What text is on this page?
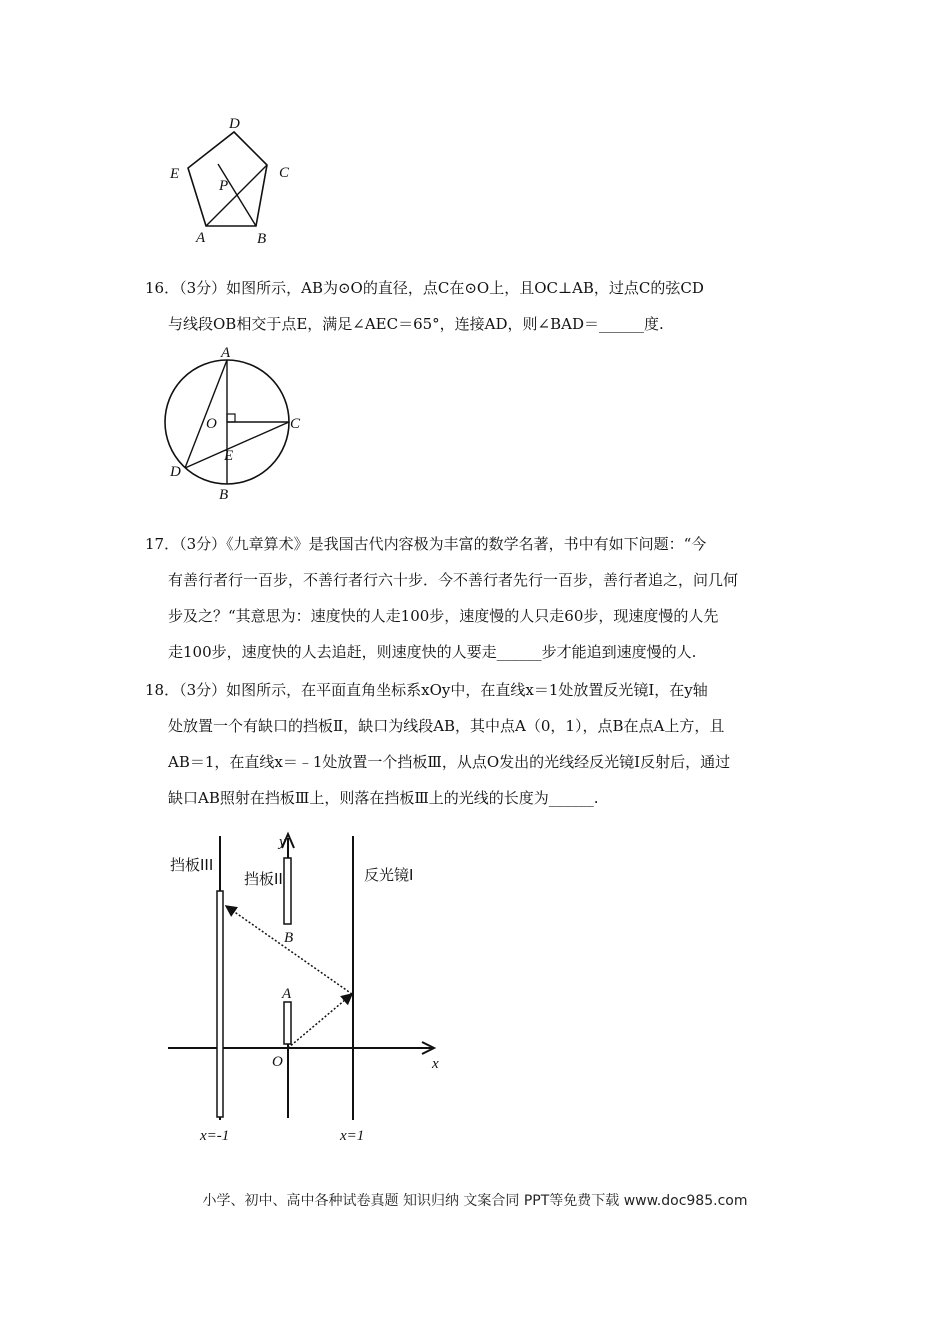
D
C
E
P
A	B
16．（3分）如图所示，AB为⊙O的直径，点C在⊙O上，且OC⊥AB，过点C的弦CD
与线段OB相交于点E，满足∠AEC＝65°，连接AD，则∠BAD＝______度.
A
O	C
E
D
B
17．（3分）《九章算术》是我国古代内容极为丰富的数学名著，书中有如下问题：“今
有善行者行一百步，不善行者行六十步．今不善行者先行一百步，善行者追之，问几何
步及之？“其意思为：速度快的人走100步，速度慢的人只走60步，现速度慢的人先
走100步，速度快的人去追赶，则速度快的人要走______步才能追到速度慢的人.
18．（3分）如图所示，在平面直角坐标系xOy中，在直线x＝1处放置反光镜Ⅰ，在y轴
处放置一个有缺口的挡板Ⅱ，缺口为线段AB，其中点A（0，1），点B在点A上方，且
AB＝1，在直线x＝﹣1处放置一个挡板Ⅲ，从点O发出的光线经反光镜Ⅰ反射后，通过
缺口AB照射在挡板Ⅲ上，则落在挡板Ⅲ上的光线的长度为______.
挡板III
挡板II	反光镜I
y
x
B
A
O
x=-1	x=1
小学、初中、高中各种试卷真题 知识归纳 文案合同 PPT等免费下载 www.doc985.com
